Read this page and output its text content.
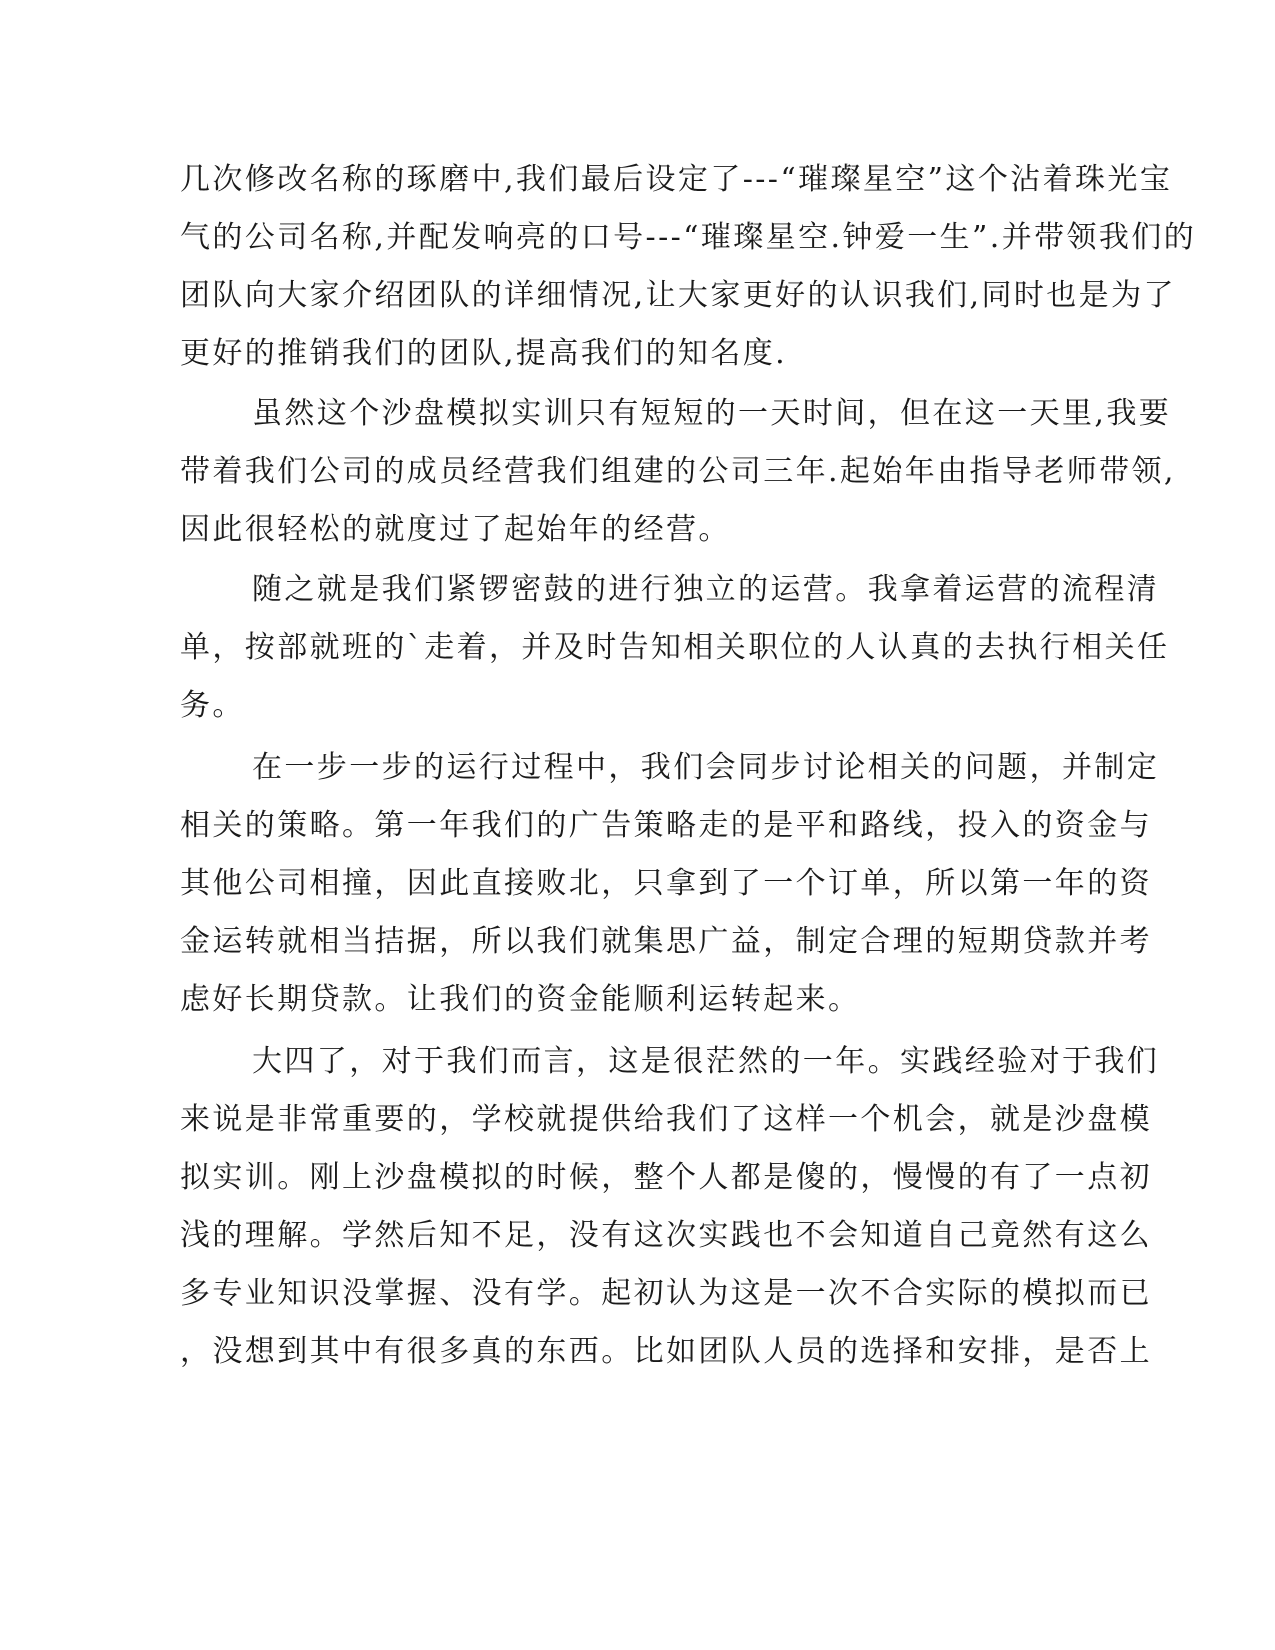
几次修改名称的琢磨中,我们最后设定了---“璀璨星空”这个沾着珠光宝
气的公司名称,并配发响亮的口号---“璀璨星空.钟爱一生”.并带领我们的
团队向大家介绍团队的详细情况,让大家更好的认识我们,同时也是为了
更好的推销我们的团队,提高我们的知名度.
虽然这个沙盘模拟实训只有短短的一天时间，但在这一天里,我要
带着我们公司的成员经营我们组建的公司三年.起始年由指导老师带领,
因此很轻松的就度过了起始年的经营。
随之就是我们紧锣密鼓的进行独立的运营。我拿着运营的流程清
单，按部就班的`走着，并及时告知相关职位的人认真的去执行相关任
务。
在一步一步的运行过程中，我们会同步讨论相关的问题，并制定
相关的策略。第一年我们的广告策略走的是平和路线，投入的资金与
其他公司相撞，因此直接败北，只拿到了一个订单，所以第一年的资
金运转就相当拮据，所以我们就集思广益，制定合理的短期贷款并考
虑好长期贷款。让我们的资金能顺利运转起来。
大四了，对于我们而言，这是很茫然的一年。实践经验对于我们
来说是非常重要的，学校就提供给我们了这样一个机会，就是沙盘模
拟实训。刚上沙盘模拟的时候，整个人都是傻的，慢慢的有了一点初
浅的理解。学然后知不足，没有这次实践也不会知道自己竟然有这么
多专业知识没掌握、没有学。起初认为这是一次不合实际的模拟而已
，没想到其中有很多真的东西。比如团队人员的选择和安排，是否上
